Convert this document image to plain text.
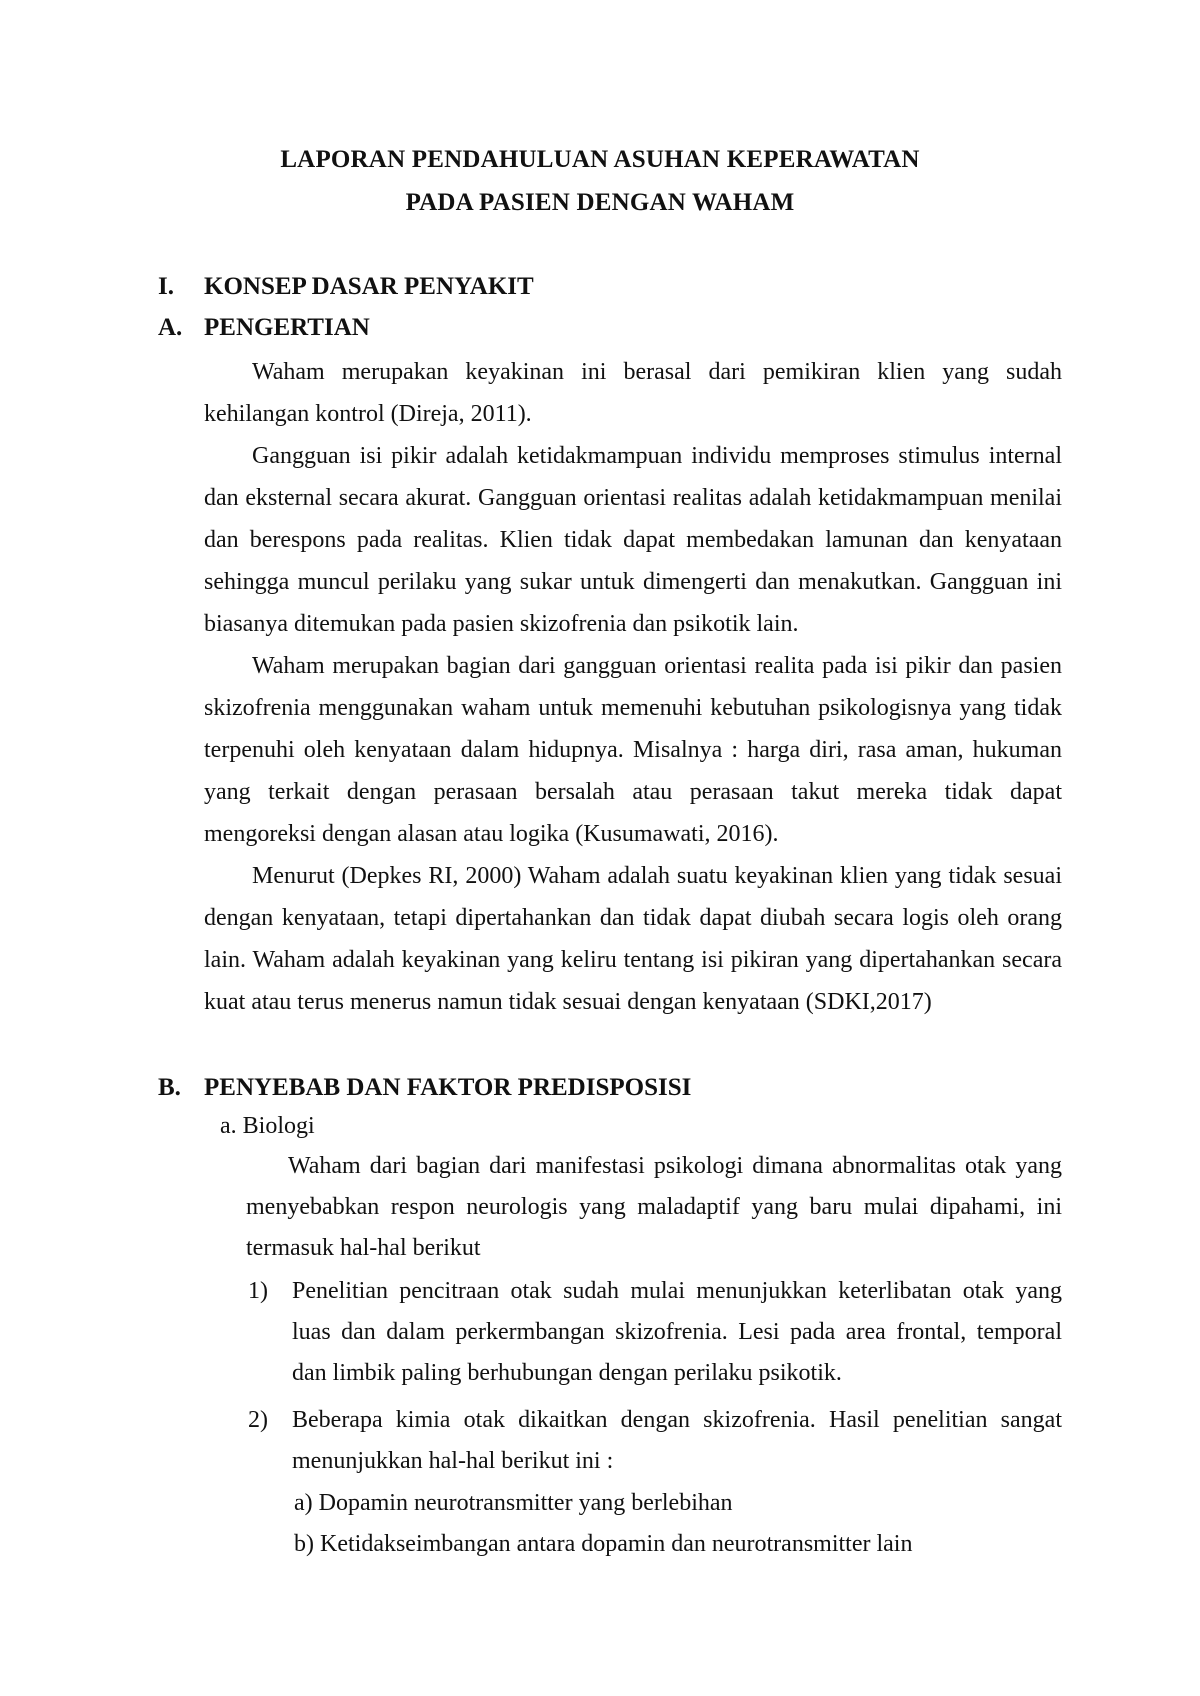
LAPORAN PENDAHULUAN ASUHAN KEPERAWATAN
PADA PASIEN DENGAN WAHAM
I. KONSEP DASAR PENYAKIT
A. PENGERTIAN

Waham merupakan keyakinan ini berasal dari pemikiran klien yang sudah kehilangan kontrol (Direja, 2011).

Gangguan isi pikir adalah ketidakmampuan individu memproses stimulus internal dan eksternal secara akurat. Gangguan orientasi realitas adalah ketidakmampuan menilai dan berespons pada realitas. Klien tidak dapat membedakan lamunan dan kenyataan sehingga muncul perilaku yang sukar untuk dimengerti dan menakutkan. Gangguan ini biasanya ditemukan pada pasien skizofrenia dan psikotik lain.

Waham merupakan bagian dari gangguan orientasi realita pada isi pikir dan pasien skizofrenia menggunakan waham untuk memenuhi kebutuhan psikologisnya yang tidak terpenuhi oleh kenyataan dalam hidupnya. Misalnya : harga diri, rasa aman, hukuman yang terkait dengan perasaan bersalah atau perasaan takut mereka tidak dapat mengoreksi dengan alasan atau logika (Kusumawati, 2016).

Menurut (Depkes RI, 2000) Waham adalah suatu keyakinan klien yang tidak sesuai dengan kenyataan, tetapi dipertahankan dan tidak dapat diubah secara logis oleh orang lain. Waham adalah keyakinan yang keliru tentang isi pikiran yang dipertahankan secara kuat atau terus menerus namun tidak sesuai dengan kenyataan (SDKI,2017)

B. PENYEBAB DAN FAKTOR PREDISPOSISI
a. Biologi

Waham dari bagian dari manifestasi psikologi dimana abnormalitas otak yang menyebabkan respon neurologis yang maladaptif yang baru mulai dipahami, ini termasuk hal-hal berikut

1) Penelitian pencitraan otak sudah mulai menunjukkan keterlibatan otak yang luas dan dalam perkermbangan skizofrenia. Lesi pada area frontal, temporal dan limbik paling berhubungan dengan perilaku psikotik.
2) Beberapa kimia otak dikaitkan dengan skizofrenia. Hasil penelitian sangat menunjukkan hal-hal berikut ini :
a) Dopamin neurotransmitter yang berlebihan
b) Ketidakseimbangan antara dopamin dan neurotransmitter lain
